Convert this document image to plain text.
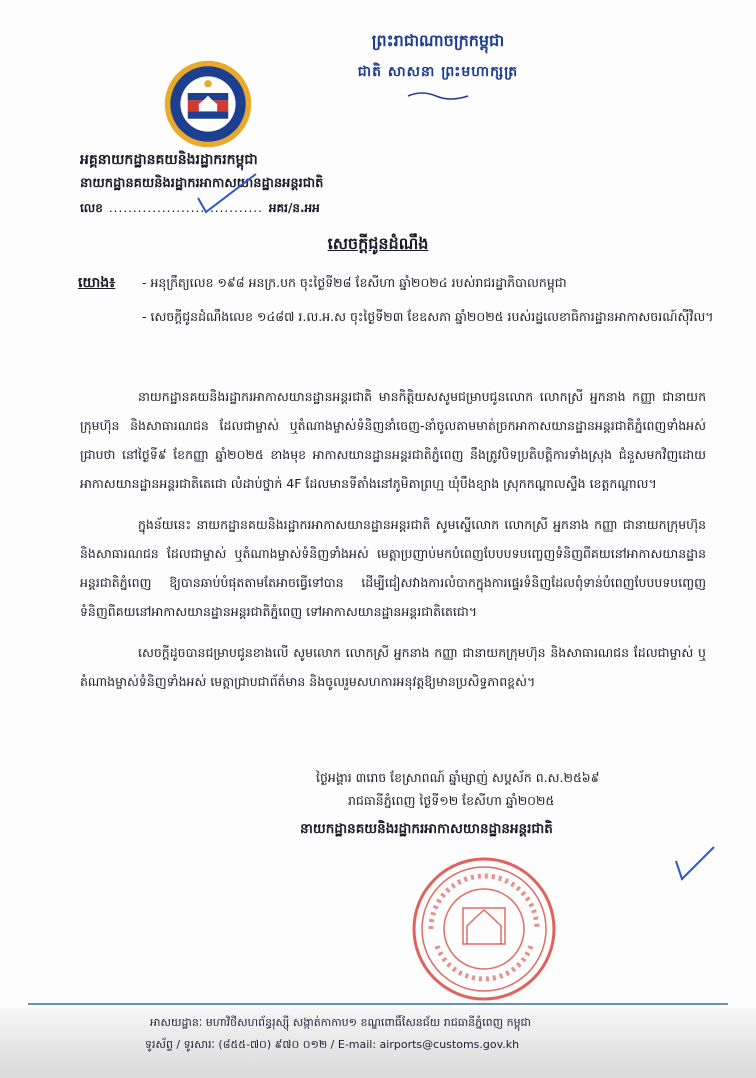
ព្រះរាជាណាចក្រកម្ពុជា
ជាតិ សាសនា ព្រះមហាក្សត្រ
អគ្គនាយកដ្ឋានគយនិងរដ្ឋាករកម្ពុជា
នាយកដ្ឋានគយនិងរដ្ឋាករអាកាសយានដ្ឋានអន្តរជាតិ
លេខ ................................ អគរ/ន.អអ
សេចក្ដីជូនដំណឹង
យោង៖	- អនុក្រឹត្យលេខ ១៩៨ អនក្រ.បក ចុះថ្ងៃទី២៨ ខែសីហា ឆ្នាំ២០២៤ របស់រាជរដ្ឋាភិបាលកម្ពុជា
- សេចក្ដីជូនដំណឹងលេខ ១៤៨៧ រ.ល.អ.ស ចុះថ្ងៃទី២៣ ខែឧសភា ឆ្នាំ២០២៥ របស់រដ្ឋលេខាធិការដ្ឋានអាកាសចរណ៍ស៊ីវិល។

នាយកដ្ឋានគយនិងរដ្ឋាករអាកាសយានដ្ឋានអន្តរជាតិ មានកិត្តិយសសូមជម្រាបជូនលោក លោកស្រី អ្នកនាង កញ្ញា ជានាយកក្រុមហ៊ុន និងសាធារណជន ដែលជាម្ចាស់ ឬតំណាងម្ចាស់ទំនិញនាំចេញ-នាំចូលតាមមាត់ច្រកអាកាសយានដ្ឋានអន្តរជាតិភ្នំពេញទាំងអស់ជ្រាបថា នៅថ្ងៃទី៩ ខែកញ្ញា ឆ្នាំ២០២៥ ខាងមុខ អាកាសយានដ្ឋានអន្តរជាតិភ្នំពេញ នឹងត្រូវបិទប្រតិបត្តិការទាំងស្រុង ជំនួសមកវិញដោយអាកាសយានដ្ឋានអន្តរជាតិតេជោ លំដាប់ថ្នាក់ 4F ដែលមានទីតាំងនៅភូមិតាព្រហ្ម ឃុំបឹងខ្យាង ស្រុកកណ្តាលស្ទឹង ខេត្តកណ្តាល។

ក្នុងន័យនេះ នាយកដ្ឋានគយនិងរដ្ឋាករអាកាសយានដ្ឋានអន្តរជាតិ សូមស្នើលោក លោកស្រី អ្នកនាង កញ្ញា ជានាយកក្រុមហ៊ុន និងសាធារណជន ដែលជាម្ចាស់ ឬតំណាងម្ចាស់ទំនិញទាំងអស់ មេត្តាប្រញាប់មកបំពេញបែបបទបញ្ចេញទំនិញពីគយនៅអាកាសយានដ្ឋានអន្តរជាតិភ្នំពេញ ឱ្យបានឆាប់បំផុតតាមតែអាចធ្វើទៅបាន ដើម្បីជៀសវាងការលំបាកក្នុងការផ្ទេរទំនិញដែលពុំទាន់បំពេញបែបបទបញ្ចេញទំនិញពីគយនៅអាកាសយានដ្ឋានអន្តរជាតិភ្នំពេញ ទៅអាកាសយានដ្ឋានអន្តរជាតិតេជោ។

សេចក្ដីដូចបានជម្រាបជូនខាងលើ សូមលោក លោកស្រី អ្នកនាង កញ្ញា ជានាយកក្រុមហ៊ុន និងសាធារណជន ដែលជាម្ចាស់ ឬតំណាងម្ចាស់ទំនិញទាំងអស់ មេត្តាជ្រាបជាព័ត៌មាន និងចូលរួមសហការអនុវត្តឱ្យមានប្រសិទ្ធភាពខ្ពស់។

ថ្ងៃអង្គារ ៣រោច ខែស្រាពណ៍ ឆ្នាំម្សាញ់ សប្តស័ក ព.ស.២៥៦៩
រាជធានីភ្នំពេញ ថ្ងៃទី១២ ខែសីហា ឆ្នាំ២០២៥
នាយកដ្ឋានគយនិងរដ្ឋាករអាកាសយានដ្ឋានអន្តរជាតិ
អាសយដ្ឋានៈ មហាវិថីសហព័ន្ធរុស្ស៊ី សង្កាត់កាកាប១ ខណ្ឌពោធិ៍សែនជ័យ រាជធានីភ្នំពេញ កម្ពុជា
ទូរស័ព្ទ / ទូរសារៈ (៨៥៥-៧០) ៩៧០ ០១២ / E-mail: airports@customs.gov.kh
